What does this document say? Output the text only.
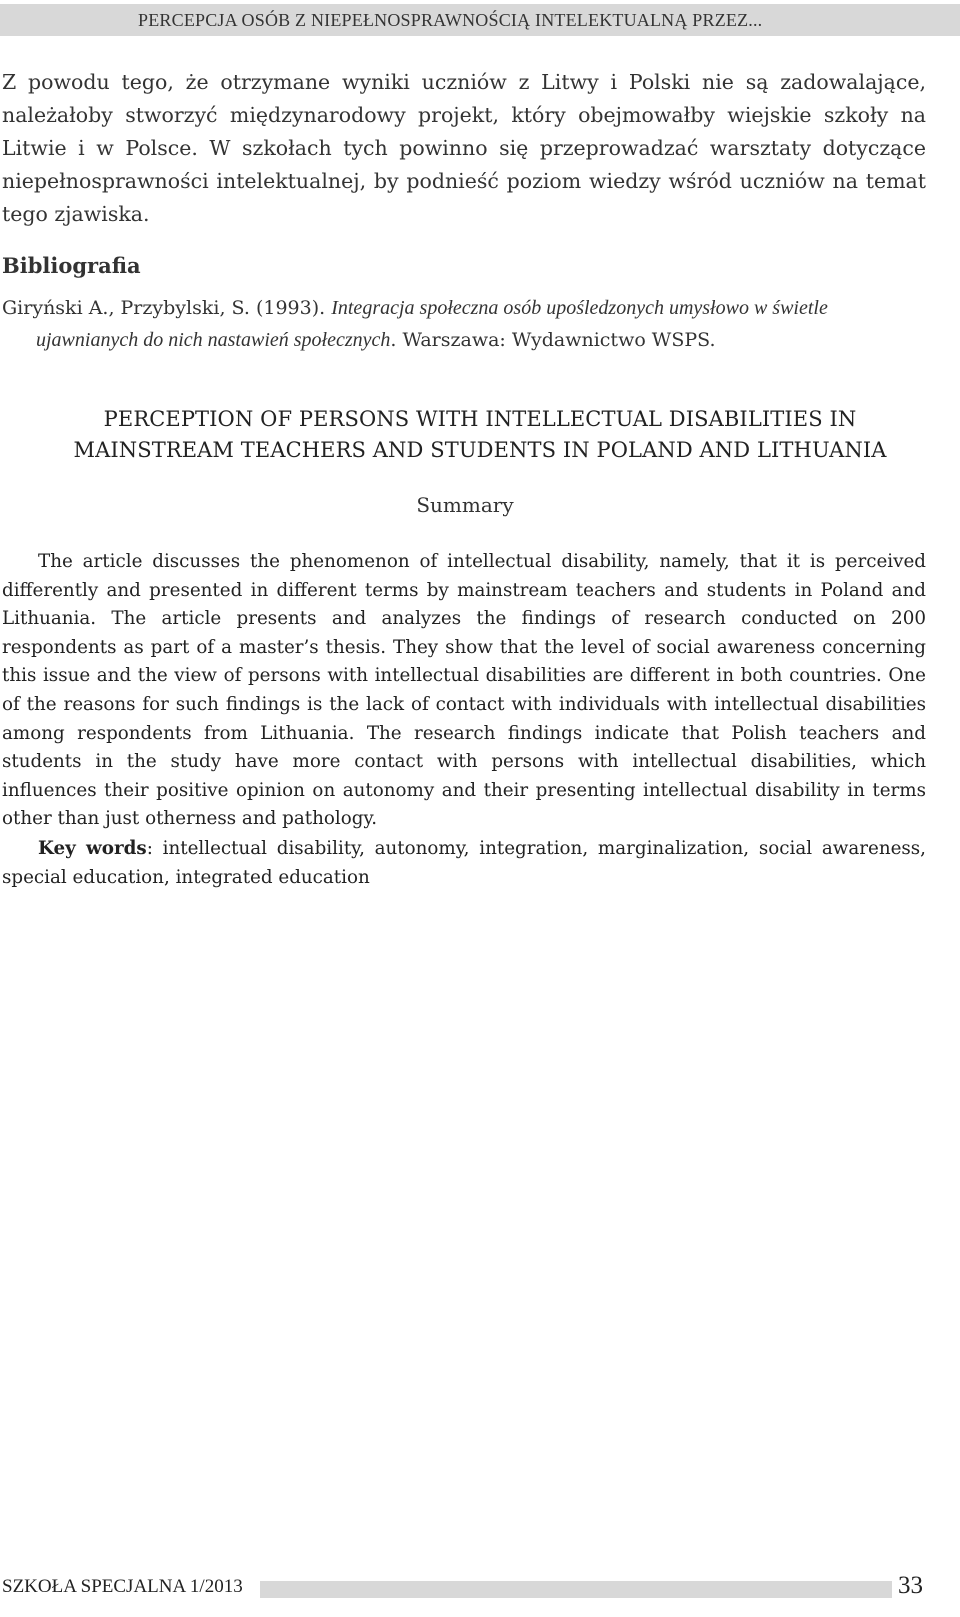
PERCEPCJA OSÓB Z NIEPEŁNOSPRAWNOŚCIĄ INTELEKTUALNĄ PRZEZ...

Z powodu tego, że otrzymane wyniki uczniów z Litwy i Polski nie są zadowalające, należałoby stworzyć międzynarodowy projekt, który obejmowałby wiejskie szkoły na Litwie i w Polsce. W szkołach tych powinno się przeprowadzać warsztaty dotyczące niepełnosprawności intelektualnej, by podnieść poziom wiedzy wśród uczniów na temat tego zjawiska.

Bibliografia
Giryński A., Przybylski, S. (1993). Integracja społeczna osób upośledzonych umysłowo w świetle ujawnianych do nich nastawień społecznych. Warszawa: Wydawnictwo WSPS.
PERCEPTION OF PERSONS WITH INTELLECTUAL DISABILITIES IN
MAINSTREAM TEACHERS AND STUDENTS IN POLAND AND LITHUANIA
Summary

The article discusses the phenomenon of intellectual disability, namely, that it is perceived differently and presented in different terms by mainstream teachers and students in Poland and Lithuania. The article presents and analyzes the findings of research conducted on 200 respondents as part of a master’s thesis. They show that the level of social awareness concerning this issue and the view of persons with intellectual disabilities are different in both countries. One of the reasons for such findings is the lack of contact with individuals with intellectual disabilities among respondents from Lithuania. The research findings indicate that Polish teachers and students in the study have more contact with persons with intellectual disabilities, which influences their positive opinion on autonomy and their presenting intellectual disability in terms other than just otherness and pathology.

Key words: intellectual disability, autonomy, integration, marginalization, social awareness, special education, integrated education

SZKOŁA SPECJALNA 1/2013	33
